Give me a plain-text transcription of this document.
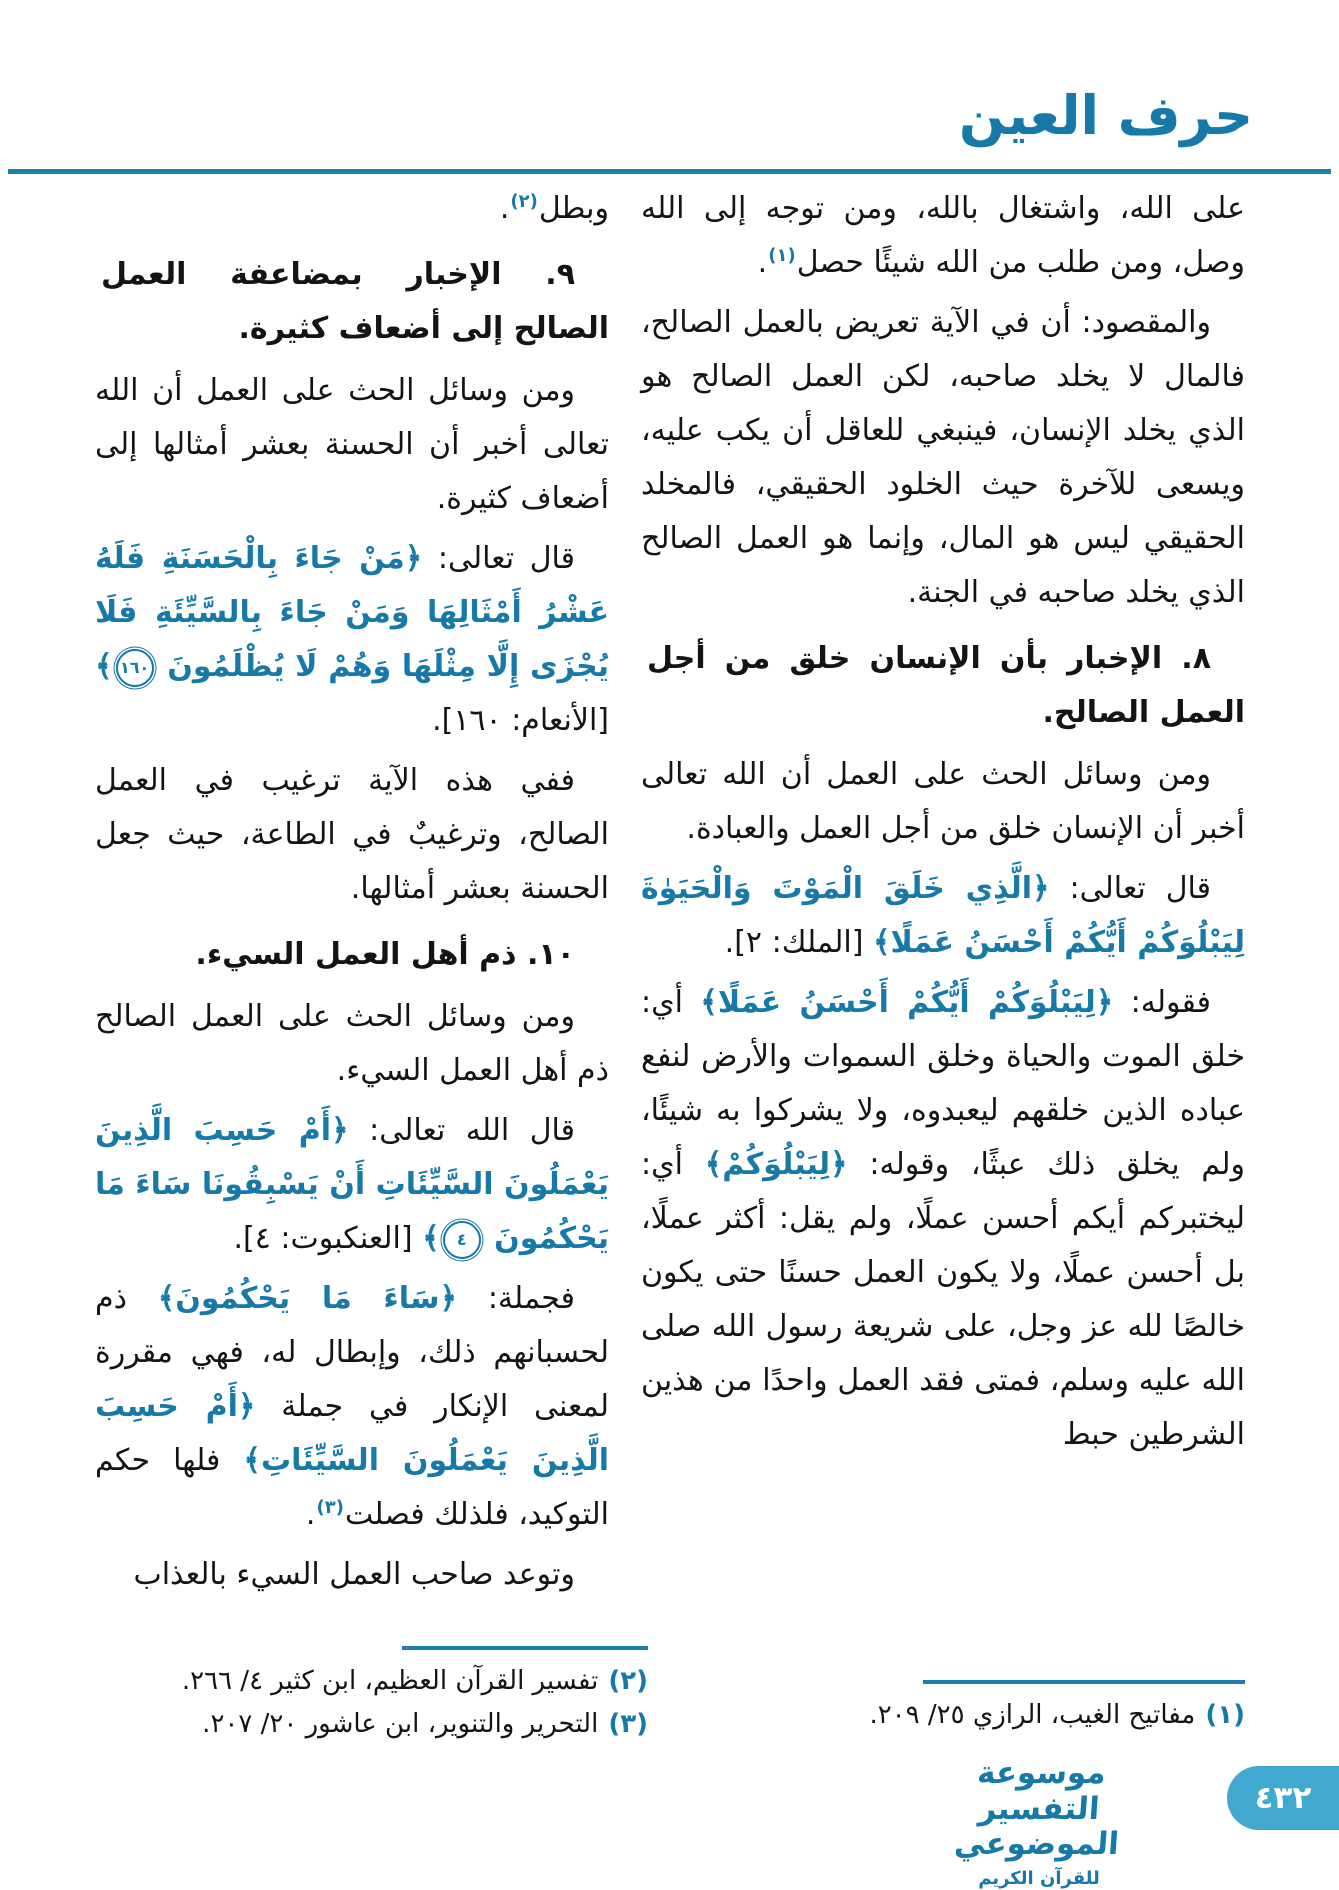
حرف العين

على الله، واشتغال بالله، ومن توجه إلى الله وصل، ومن طلب من الله شيئًا حصل$^{(١)}$.

والمقصود: أن في الآية تعريض بالعمل الصالح، فالمال لا يخلد صاحبه، لكن العمل الصالح هو الذي يخلد الإنسان، فينبغي للعاقل أن يكب عليه، ويسعى للآخرة حيث الخلود الحقيقي، فالمخلد الحقيقي ليس هو المال، وإنما هو العمل الصالح الذي يخلد صاحبه في الجنة.

٨. الإخبار بأن الإنسان خلق من أجل العمل الصالح.

ومن وسائل الحث على العمل أن الله تعالى أخبر أن الإنسان خلق من أجل العمل والعبادة.

قال تعالى: ﴿الَّذِي خَلَقَ الْمَوْتَ وَالْحَيَوٰةَ لِيَبْلُوَكُمْ أَيُّكُمْ أَحْسَنُ عَمَلًا﴾ [الملك: ٢].

فقوله: ﴿لِيَبْلُوَكُمْ أَيُّكُمْ أَحْسَنُ عَمَلًا﴾ أي: خلق الموت والحياة وخلق السموات والأرض لنفع عباده الذين خلقهم ليعبدوه، ولا يشركوا به شيئًا، ولم يخلق ذلك عبثًا، وقوله: ﴿لِيَبْلُوَكُمْ﴾ أي: ليختبركم أيكم أحسن عملًا، ولم يقل: أكثر عملًا، بل أحسن عملًا، ولا يكون العمل حسنًا حتى يكون خالصًا لله عز وجل، على شريعة رسول الله صلى الله عليه وسلم، فمتى فقد العمل واحدًا من هذين الشرطين حبط

وبطل$^{(٢)}$.

٩. الإخبار بمضاعفة العمل الصالح إلى أضعاف كثيرة.

ومن وسائل الحث على العمل أن الله تعالى أخبر أن الحسنة بعشر أمثالها إلى أضعاف كثيرة.

قال تعالى: ﴿مَنْ جَاءَ بِالْحَسَنَةِ فَلَهُ عَشْرُ أَمْثَالِهَا وَمَنْ جَاءَ بِالسَّيِّئَةِ فَلَا يُجْزَى إِلَّا مِثْلَهَا وَهُمْ لَا يُظْلَمُونَ ١٦٠﴾ [الأنعام: ١٦٠].

ففي هذه الآية ترغيب في العمل الصالح، وترغيبٌ في الطاعة، حيث جعل الحسنة بعشر أمثالها.

١٠. ذم أهل العمل السيء.

ومن وسائل الحث على العمل الصالح ذم أهل العمل السيء.

قال الله تعالى: ﴿أَمْ حَسِبَ الَّذِينَ يَعْمَلُونَ السَّيِّئَاتِ أَنْ يَسْبِقُونَا سَاءَ مَا يَحْكُمُونَ ٤﴾ [العنكبوت: ٤].

فجملة: ﴿سَاءَ مَا يَحْكُمُونَ﴾ ذم لحسبانهم ذلك، وإبطال له، فهي مقررة لمعنى الإنكار في جملة ﴿أَمْ حَسِبَ الَّذِينَ يَعْمَلُونَ السَّيِّئَاتِ﴾ فلها حكم التوكيد، فلذلك فصلت$^{(٣)}$.

وتوعد صاحب العمل السيء بالعذاب

(٢)تفسير القرآن العظيم، ابن كثير ٤/ ٢٦٦.
(٣)التحرير والتنوير، ابن عاشور ٢٠/ ٢٠٧.	(١)مفاتيح الغيب، الرازي ٢٥/ ٢٠٩.
موسوعة التفسير الموضوعي
للقرآن الكريم
٤٣٢
